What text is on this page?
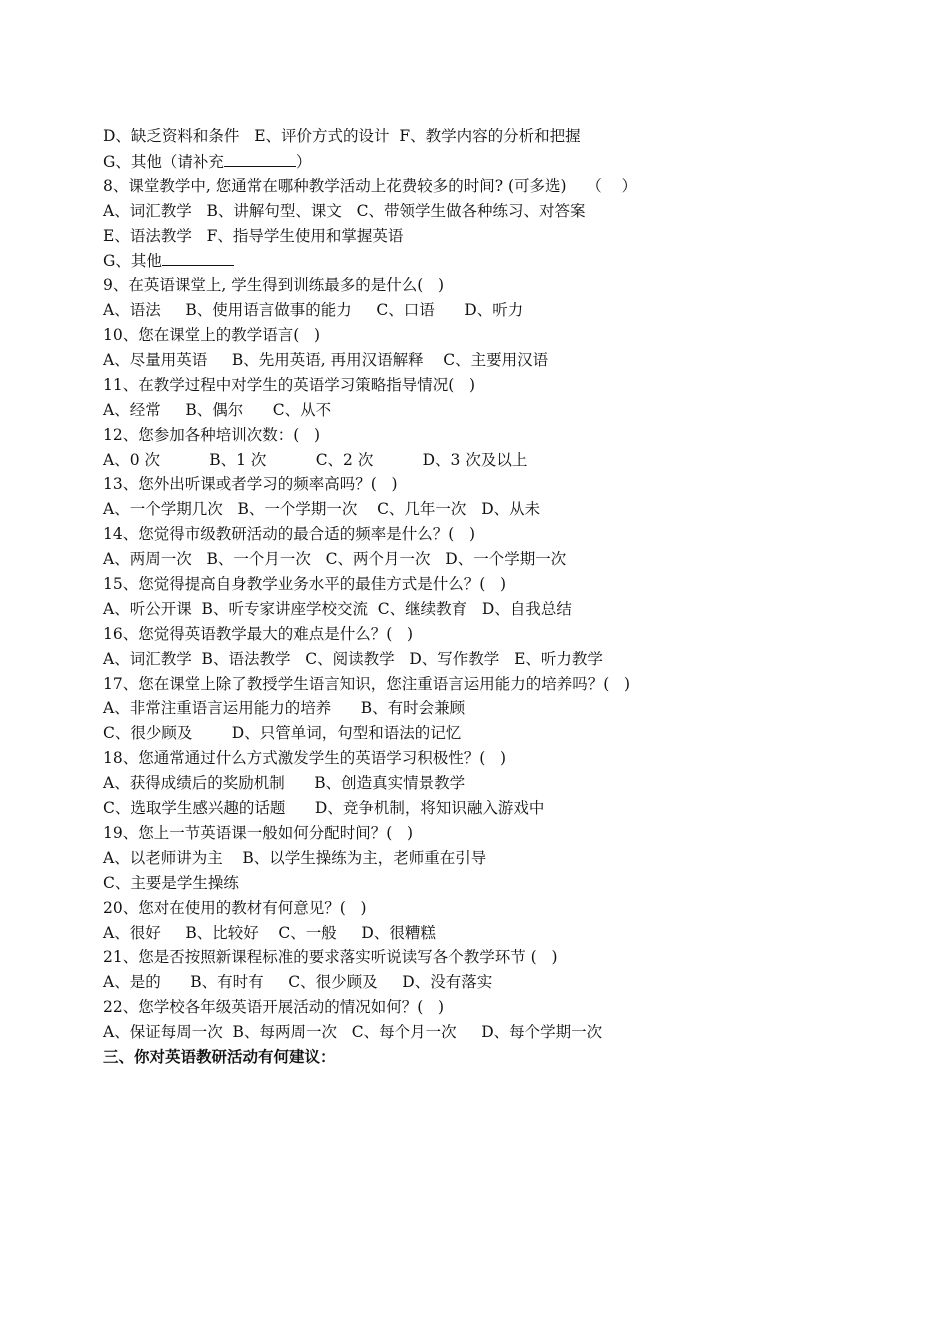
D、缺乏资料和条件   E、评价方式的设计  F、教学内容的分析和把握
G、其他（请补充	）
8、课堂教学中, 您通常在哪种教学活动上花费较多的时间? (可多选)    （    ）
A、词汇教学   B、讲解句型、课文   C、带领学生做各种练习、对答案
E、语法教学   F、指导学生使用和掌握英语
G、其他
9、在英语课堂上, 学生得到训练最多的是什么(   )
A、语法     B、使用语言做事的能力     C、口语      D、听力
10、您在课堂上的教学语言(   )
A、尽量用英语     B、先用英语, 再用汉语解释    C、主要用汉语
11、在教学过程中对学生的英语学习策略指导情况(   )
A、经常     B、偶尔      C、从不
12、您参加各种培训次数：(   )
A、0 次          B、1 次          C、2 次          D、3 次及以上
13、您外出听课或者学习的频率高吗？(   )
A、一个学期几次   B、一个学期一次    C、几年一次   D、从未
14、您觉得市级教研活动的最合适的频率是什么？(   )
A、两周一次   B、一个月一次   C、两个月一次   D、一个学期一次
15、您觉得提高自身教学业务水平的最佳方式是什么？(   )
A、听公开课  B、听专家讲座学校交流  C、继续教育   D、自我总结
16、您觉得英语教学最大的难点是什么？(   )
A、词汇教学  B、语法教学   C、阅读教学   D、写作教学   E、听力教学
17、您在课堂上除了教授学生语言知识，您注重语言运用能力的培养吗？(   )
A、非常注重语言运用能力的培养      B、有时会兼顾
C、很少顾及        D、只管单词，句型和语法的记忆
18、您通常通过什么方式激发学生的英语学习积极性？(   )
A、获得成绩后的奖励机制      B、创造真实情景教学
C、选取学生感兴趣的话题      D、竞争机制，将知识融入游戏中
19、您上一节英语课一般如何分配时间？(   )
A、以老师讲为主    B、以学生操练为主，老师重在引导
C、主要是学生操练
20、您对在使用的教材有何意见？(   )
A、很好     B、比较好    C、一般     D、很糟糕
21、您是否按照新课程标准的要求落实听说读写各个教学环节 (   )
A、是的      B、有时有     C、很少顾及     D、没有落实
22、您学校各年级英语开展活动的情况如何？(   )
A、保证每周一次  B、每两周一次   C、每个月一次     D、每个学期一次
三、你对英语教研活动有何建议：
